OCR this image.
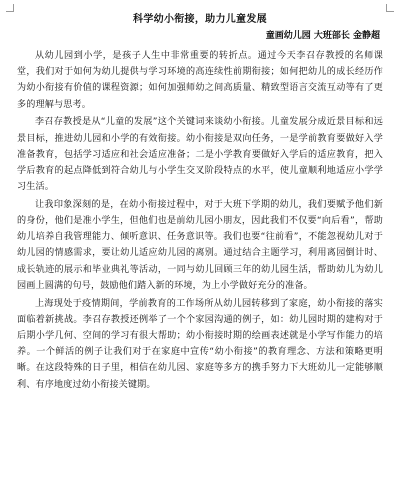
科学幼小衔接，助力儿童发展
童画幼儿园 大班部长 金静超

从幼儿园到小学，是孩子人生中非常重要的转折点。通过今天李召存教授的名师课堂，我们对于如何为幼儿提供与学习环境的高连续性前期衔接；如何把幼儿的成长经历作为幼小衔接有价值的课程资源；如何加强师幼之间高质量、精致型语言交流互动等有了更多的理解与思考。

李召存教授是从“儿童的发展”这个关键词来谈幼小衔接。儿童发展分成近景目标和远景目标，推进幼儿园和小学的有效衔接。幼小衔接是双向任务，一是学前教育要做好入学准备教育，包括学习适应和社会适应准备；二是小学教育要做好入学后的适应教育，把入学后教育的起点降低到符合幼儿与小学生交叉阶段特点的水平，使儿童顺利地适应小学学习生活。

让我印象深刻的是，在幼小衔接过程中，对于大班下学期的幼儿，我们要赋予他们新的身份，他们是准小学生，但他们也是前幼儿园小朋友，因此我们不仅要“向后看”，帮助幼儿培养自我管理能力、倾听意识、任务意识等。我们也要“往前看”，不能忽视幼儿对于幼儿园的情感需求，要让幼儿适应幼儿园的离别。通过结合主题学习，利用离园倒计时、成长轨迹的展示和毕业典礼等活动，一同与幼儿回顾三年的幼儿园生活，帮助幼儿为幼儿园画上圆满的句号，鼓励他们踏入新的环境，为上小学做好充分的准备。

上海现处于疫情期间，学前教育的工作场所从幼儿园转移到了家庭，幼小衔接的落实面临着新挑战。李召存教授还例举了一个个家园沟通的例子，如：幼儿园时期的建构对于后期小学几何、空间的学习有很大帮助；幼小衔接时期的绘画表述就是小学写作能力的培养。一个鲜活的例子让我们对于在家庭中宣传“幼小衔接”的教育理念、方法和策略更明晰。在这段特殊的日子里，相信在幼儿园、家庭等多方的携手努力下大班幼儿一定能够顺利、有序地度过幼小衔接关键期。
